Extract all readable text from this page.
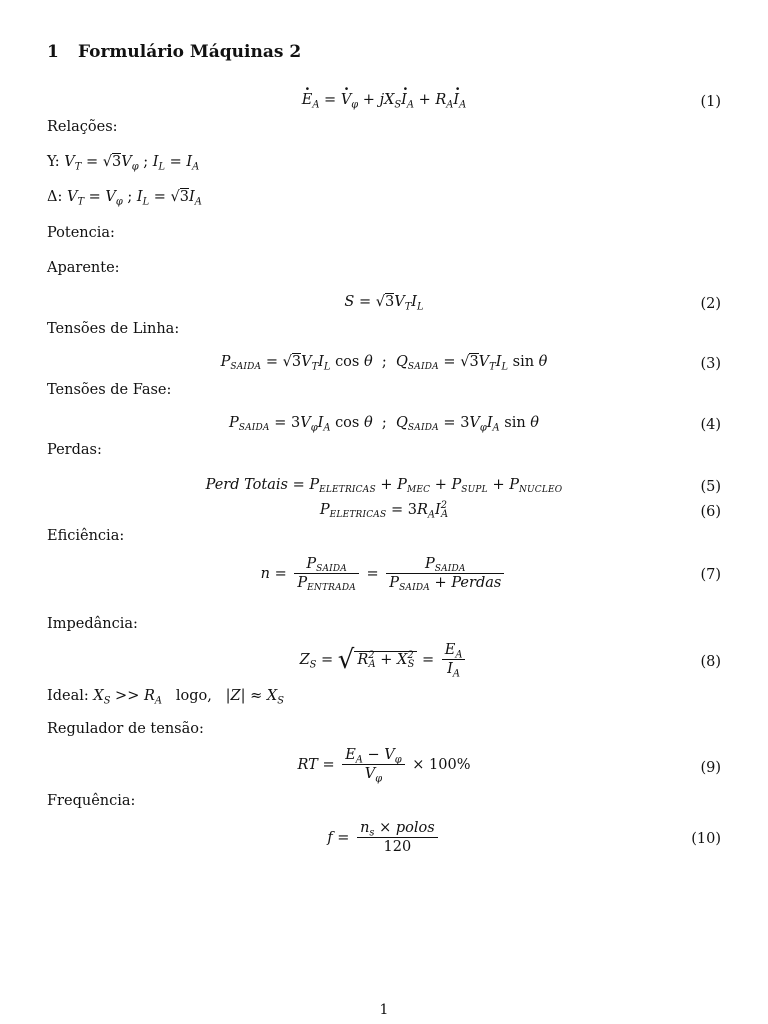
1 Formulário Máquinas 2
$E \cdot_A = V \cdot_\varphi + jX_SI \cdot_A + R_AI \cdot_A$	(1)
Relações:
Y: $V_T = √3V_\varphi$ ; $I_L = I_A$
Δ: $V_T = V_\varphi$ ; $I_L = √3I_A$
Potencia:
Aparente:
$S = √3V_TI_L$	(2)
Tensões de Linha:
$P_{SAIDA} = √3V_TI_L$ cos θ  ;  $Q_{SAIDA} = √3V_TI_L$ sin θ	(3)
Tensões de Fase:
$P_{SAIDA} = 3V_\varphi I_A$ cos θ  ;  $Q_{SAIDA} = 3V_\varphi I_A$ sin θ	(4)
Perdas:
Perd Totais = $P_{ELETRICAS} + P_{MEC} + P_{SUPL} + P_{NUCLEO}$	(5)
$P_{ELETRICAS} = 3R_AI^2_A$	(6)
Eficiência:
$n = \frac{P_{SAIDA}}{P_{ENTRADA}} = \frac{P_{SAIDA}}{P_{SAIDA} + Perdas}$	(7)
Impedância:
$Z_S$ = √ $R^2_A + X^2_S = \frac{E_A}{I_A}$	(8)
Ideal: $X_S >> R_A$ logo, $|Z| \approx X_S$
Regulador de tensão:
RT = $\frac{E_A - V_\varphi}{V_\varphi} \times 100\%$	(9)
Frequência:
$f = \frac{n_s \times polos}{120}$	(10)
1
